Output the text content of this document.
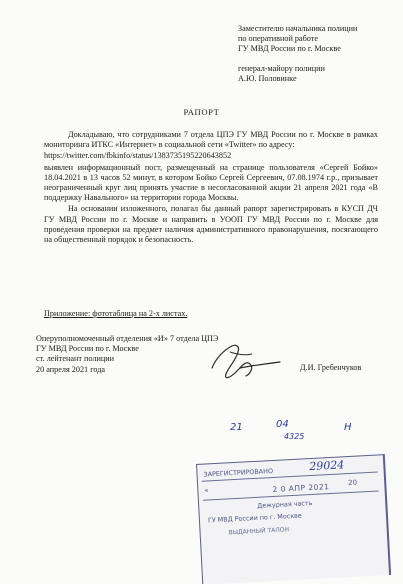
Заместителю начальника полиции
по оперативной работе
ГУ МВД России по г. Москве
генерал-майору полиции
А.Ю. Половинке
РАПОРТ

Докладываю, что сотрудниками 7 отдела ЦПЭ ГУ МВД России по г. Москве в рамках мониторинга ИТКС «Интернет» в социальной сети «Twitter» по адресу:

https://twitter.com/fbkinfo/status/1383735195220643852

выявлен информационный пост, размещенный на странице пользователя «Сергей Бойко» 18.04.2021 в 13 часов 52 минут, в котором Бойко Сергей Сергеевич, 07.08.1974 г.р., призывает неограниченный круг лиц принять участие в несогласованной акции 21 апреля 2021 года «В поддержку Навального» на территории города Москвы.

На основании изложенного, полагал бы данный рапорт зарегистрировать в КУСП ДЧ ГУ МВД России по г. Москве и направить в УООП ГУ МВД России по г. Москве для проведения проверки на предмет наличия административного правонарушения, посягающего на общественный порядок и безопасность.

Приложение: фототаблица на 2-х листах.
Оперуполномоченный отделения «И» 7 отдела ЦПЭ
ГУ МВД России по г. Москве
ст. лейтенант полиции
20 апреля 2021 года	Д.И. Гребенчуков
21	04
4325
Н
ЗАРЕГИСТРИРОВАНО	29024
«	2 0 АПР 2021	20
Дежурная часть
ГУ МВД России по г. Москве
ВЫДАННЫЙ ТАЛОН
